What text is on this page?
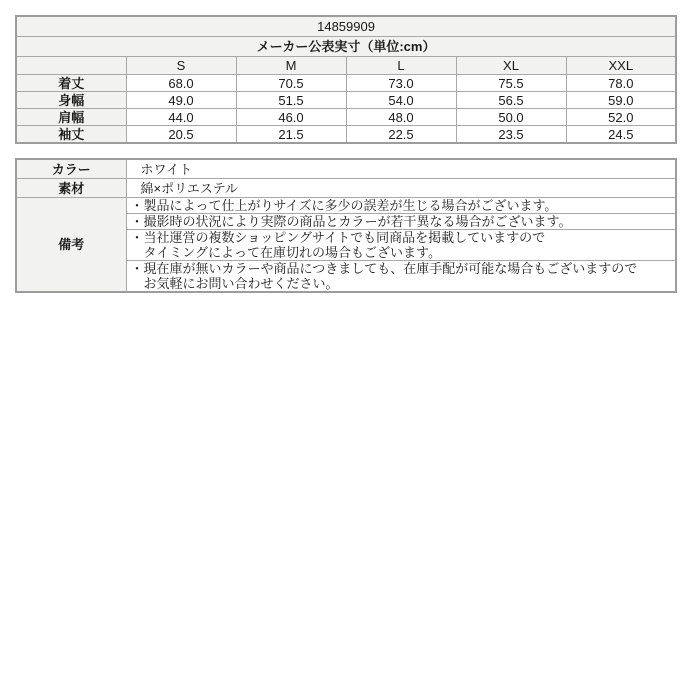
14859909					
メーカー公表実寸（単位:cm）					
	S	M	L	XL	XXL
着丈	68.0	70.5	73.0	75.5	78.0
身幅	49.0	51.5	54.0	56.5	59.0
肩幅	44.0	46.0	48.0	50.0	52.0
袖丈	20.5	21.5	22.5	23.5	24.5
カラー	ホワイト
素材	綿×ポリエステル
備考	・製品によって仕上がりサイズに多少の誤差が生じる場合がございます。

	・撮影時の状況により実際の商品とカラーが若干異なる場合がございます。

	・当社運営の複数ショッピングサイトでも同商品を掲載していますので
タイミングによって在庫切れの場合もございます。

	・現在庫が無いカラーや商品につきましても、在庫手配が可能な場合もございますので
お気軽にお問い合わせください。
